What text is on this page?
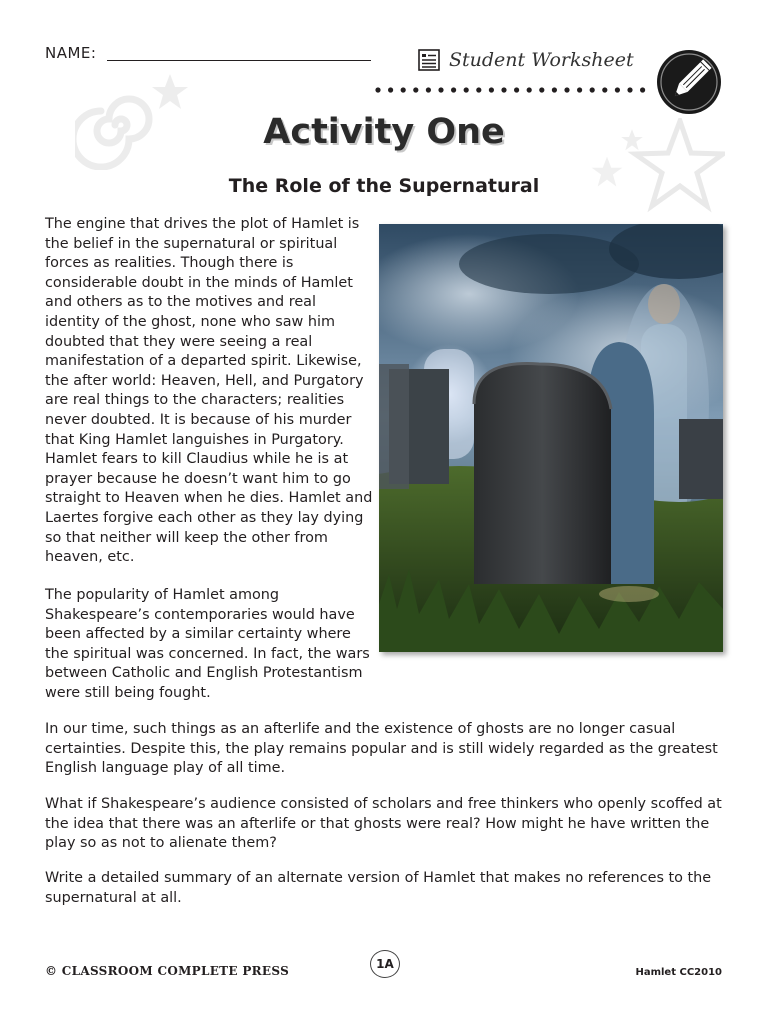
NAME:	Student Worksheet
Activity One
The Role of the Supernatural

The engine that drives the plot of Hamlet is the belief in the supernatural or spiritual forces as realities. Though there is considerable doubt in the minds of Hamlet and others as to the motives and real identity of the ghost, none who saw him doubted that they were seeing a real manifestation of a departed spirit. Likewise, the after world: Heaven, Hell, and Purgatory are real things to the characters; realities never doubted. It is because of his murder that King Hamlet languishes in Purgatory. Hamlet fears to kill Claudius while he is at prayer because he doesn’t want him to go straight to Heaven when he dies. Hamlet and Laertes forgive each other as they lay dying so that neither will keep the other from heaven, etc.

The popularity of Hamlet among Shakespeare’s contemporaries would have been affected by a similar certainty where the spiritual was concerned. In fact, the wars between Catholic and English Protestantism were still being fought.

In our time, such things as an afterlife and the existence of ghosts are no longer casual certainties. Despite this, the play remains popular and is still widely regarded as the greatest English language play of all time.

What if Shakespeare’s audience consisted of scholars and free thinkers who openly scoffed at the idea that there was an afterlife or that ghosts were real? How might he have written the play so as not to alienate them?

Write a detailed summary of an alternate version of Hamlet that makes no references to the supernatural at all.

© CLASSROOM COMPLETE PRESS	1A
Hamlet CC2010
